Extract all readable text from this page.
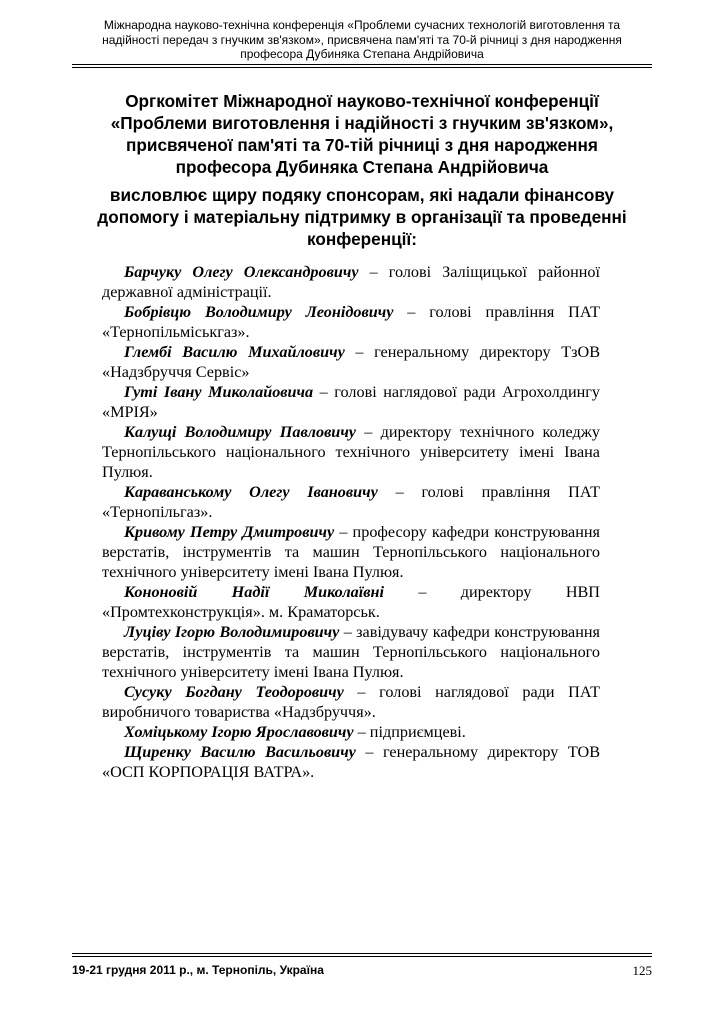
Міжнародна науково-технічна конференція «Проблеми сучасних технологій виготовлення та
надійності передач з гнучким зв'язком», присвячена пам'яті та 70-й річниці з дня народження
професора Дубиняка Степана Андрійовича
Оргкомітет Міжнародної науково-технічної конференції
«Проблеми виготовлення і надійності з гнучким зв'язком»,
присвяченої пам'яті та 70-тій річниці з дня народження
професора Дубиняка Степана Андрійовича
висловлює щиру подяку спонсорам, які надали фінансову
допомогу і матеріальну підтримку в організації та проведенні
конференції:

Барчуку Олегу Олександровичу – голові Заліщицької районної державної адміністрації.

Бобрівцю Володимиру Леонідовичу – голові правління ПАТ «Тернопільміськгаз».

Глембі Василю Михайловичу – генеральному директору ТзОВ «Надзбруччя Сервіс»

Гуті Івану Миколайовича – голові наглядової ради Агрохолдингу «МРІЯ»

Калущі Володимиру Павловичу – директору технічного коледжу Тернопільського національного технічного університету імені Івана Пулюя.

Караванському Олегу Івановичу – голові правління ПАТ «Тернопільгаз».

Кривому Петру Дмитровичу – професору кафедри конструювання верстатів, інструментів та машин Тернопільського національного технічного університету імені Івана Пулюя.

Кононовій Надії Миколаївні – директору НВП «Промтехконструкція». м. Краматорськ.

Луціву Ігорю Володимировичу – завідувачу кафедри конструювання верстатів, інструментів та машин Тернопільського національного технічного університету імені Івана Пулюя.

Сусуку Богдану Теодоровичу – голові наглядової ради ПАТ виробничого товариства «Надзбруччя».

Хоміцькому Ігорю Ярославовичу – підприємцеві.

Щиренку Василю Васильовичу – генеральному директору ТОВ «ОСП КОРПОРАЦІЯ ВАТРА».

19-21 грудня 2011 р., м. Тернопіль, Україна	125
